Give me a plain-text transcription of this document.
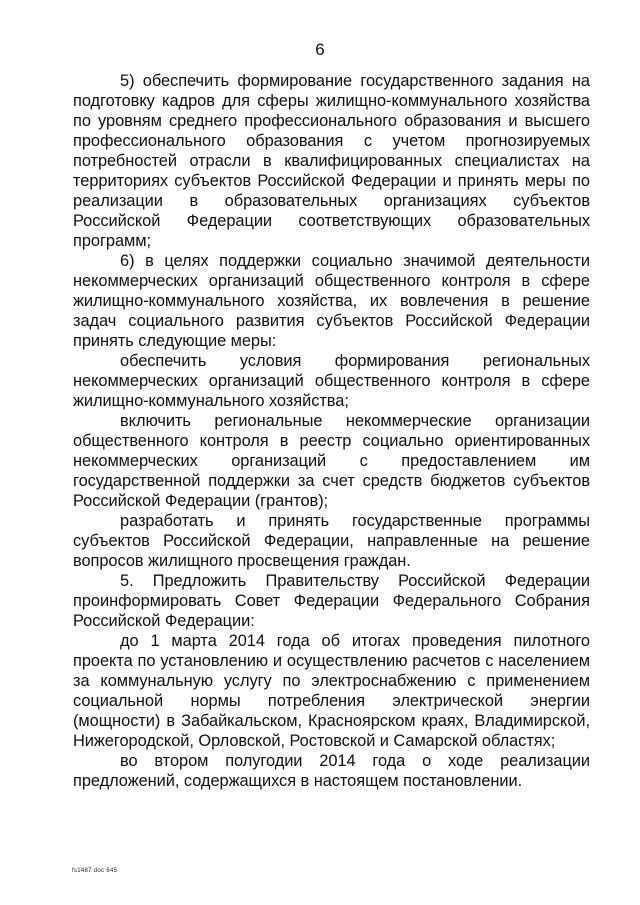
6

5) обеспечить формирование государственного задания на подготовку кадров для сферы жилищно-коммунального хозяйства по уровням среднего профессионального образования и высшего профессионального образования с учетом прогнозируемых потребностей отрасли в квалифицированных специалистах на территориях субъектов Российской Федерации и принять меры по реализации в образовательных организациях субъектов Российской Федерации соответствующих образовательных программ;

6) в целях поддержки социально значимой деятельности некоммерческих организаций общественного контроля в сфере жилищно-коммунального хозяйства, их вовлечения в решение задач социального развития субъектов Российской Федерации принять следующие меры:

обеспечить условия формирования региональных некоммерческих организаций общественного контроля в сфере жилищно-коммунального хозяйства;

включить региональные некоммерческие организации общественного контроля в реестр социально ориентированных некоммерческих организаций с предоставлением им государственной поддержки за счет средств бюджетов субъектов Российской Федерации (грантов);

разработать и принять государственные программы субъектов Российской Федерации, направленные на решение вопросов жилищного просвещения граждан.

5. Предложить Правительству Российской Федерации проинформировать Совет Федерации Федерального Собрания Российской Федерации:

до 1 марта 2014 года об итогах проведения пилотного проекта по установлению и осуществлению расчетов с населением за коммунальную услугу по электроснабжению с применением социальной нормы потребления электрической энергии (мощности) в Забайкальском, Красноярском краях, Владимирской, Нижегородской, Орловской, Ростовской и Самарской областях;

во втором полугодии 2014 года о ходе реализации предложений, содержащихся в настоящем постановлении.

fs1487 doc 645
